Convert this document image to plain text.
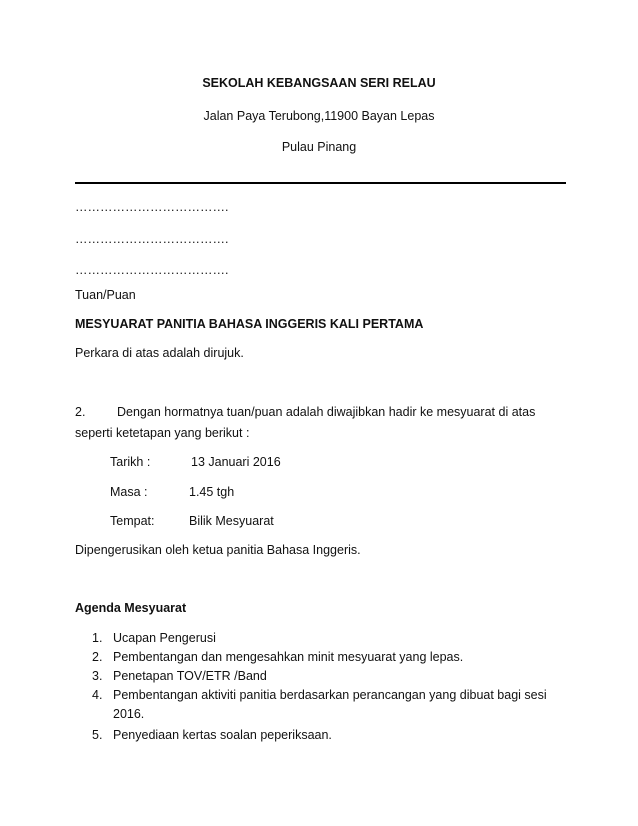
SEKOLAH KEBANGSAAN SERI RELAU
Jalan Paya Terubong,11900 Bayan Lepas
Pulau Pinang
……………………………….
……………………………….
……………………………….
Tuan/Puan
MESYUARAT PANITIA BAHASA INGGERIS KALI PERTAMA
Perkara di atas adalah dirujuk.
2.	Dengan hormatnya tuan/puan adalah diwajibkan hadir ke mesyuarat di atas
seperti ketetapan yang berikut :
Tarikh :	13 Januari 2016
Masa :	1.45 tgh
Tempat:	Bilik Mesyuarat
Dipengerusikan oleh ketua panitia Bahasa Inggeris.
Agenda Mesyuarat
1. Ucapan Pengerusi
2. Pembentangan dan mengesahkan minit mesyuarat yang lepas.
3. Penetapan TOV/ETR /Band
4. Pembentangan aktiviti panitia berdasarkan perancangan yang dibuat bagi sesi
2016.
5. Penyediaan kertas soalan peperiksaan.
